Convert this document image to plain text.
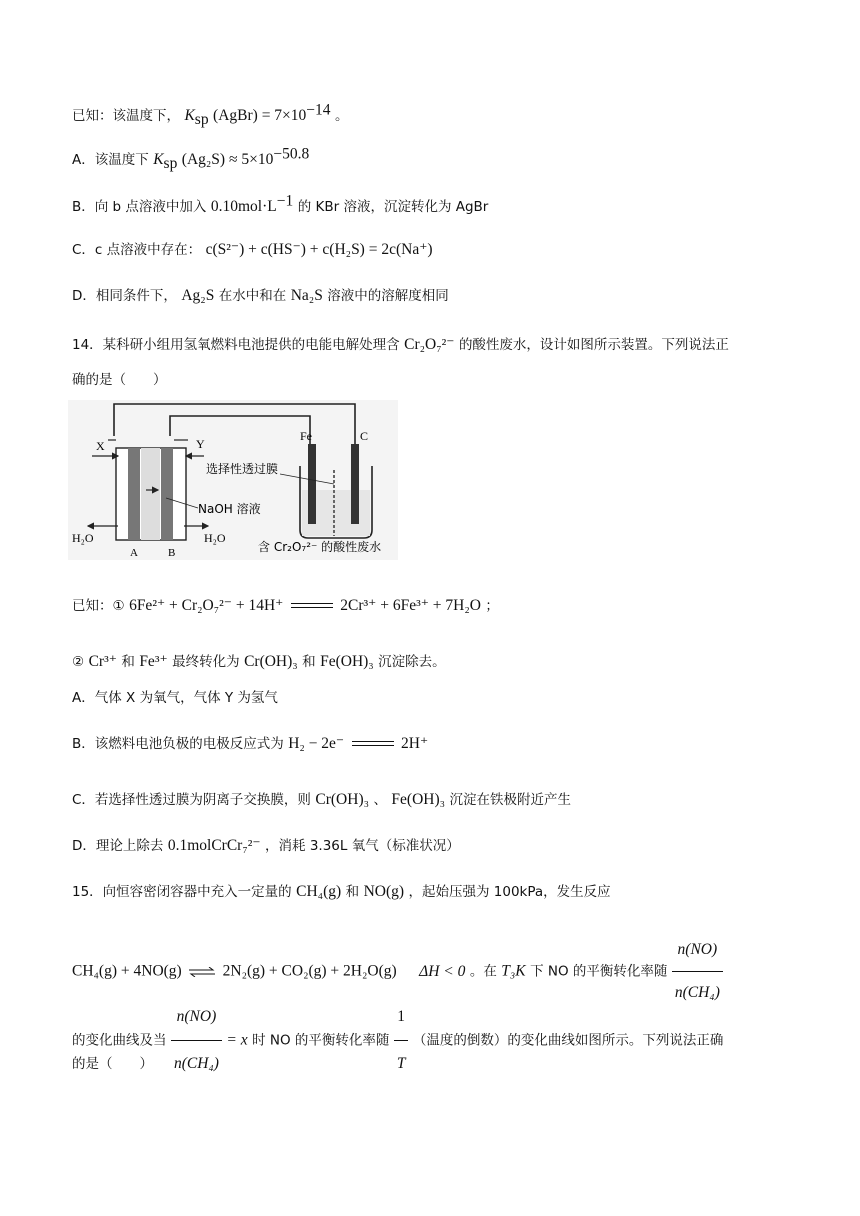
已知：该温度下， $K_{sp}$ (AgBr) = $7\times 10^{-14}$ 。
A．该温度下 $K_{sp}$ $(Ag_2S) \approx 5\times 10^{-50.8}$
B．向 b 点溶液中加入 $0.10mol\cdot L^{-1}$ 的 KBr 溶液，沉淀转化为 AgBr
C．c 点溶液中存在： c(S²⁻) + c(HS⁻) + c(H₂S) = 2c(Na⁺)
D．相同条件下， Ag₂S 在水中和在 Na₂S 溶液中的溶解度相同
14．某科研小组用氢氧燃料电池提供的电能电解处理含 Cr₂O₇²⁻ 的酸性废水，设计如图所示装置。下列说法正
确的是（　　）
X	Y
H₂O	H₂O
A	B
NaOH 溶液
Fe	C
选择性透过膜
含 Cr₂O₇²⁻ 的酸性废水
已知：① 6Fe²⁺ + Cr₂O₇²⁻ + 14H⁺	2Cr³⁺ + 6Fe³⁺ + 7H₂O ；
② Cr³⁺ 和 Fe³⁺ 最终转化为 Cr(OH)₃ 和 Fe(OH)₃ 沉淀除去。
A．气体 X 为氧气，气体 Y 为氢气
B．该燃料电池负极的电极反应式为 H₂ − 2e⁻	2H⁺
C．若选择性透过膜为阴离子交换膜，则 Cr(OH)₃ 、 Fe(OH)₃ 沉淀在铁极附近产生
D．理论上除去 0.1molCrCr₇²⁻ ，消耗 3.36L 氧气（标准状况）
15．向恒容密闭容器中充入一定量的 CH₄(g) 和 NO(g) ，起始压强为 100kPa，发生反应
CH₄(g) + 4NO(g) ⇌ 2N₂(g) + CO₂(g) + 2H₂O(g) ΔH < 0 。在 T₃K 下 NO 的平衡转化率随 $\frac{n(NO)}{\text{n(CH₄)}}$
的变化曲线及当 $\frac{n(NO)}{\text{n(CH₄)}} = x$ 时 NO 的平衡转化率随 $\frac{1}{T}$ （温度的倒数）的变化曲线如图所示。下列说法正确
的是（　　）
